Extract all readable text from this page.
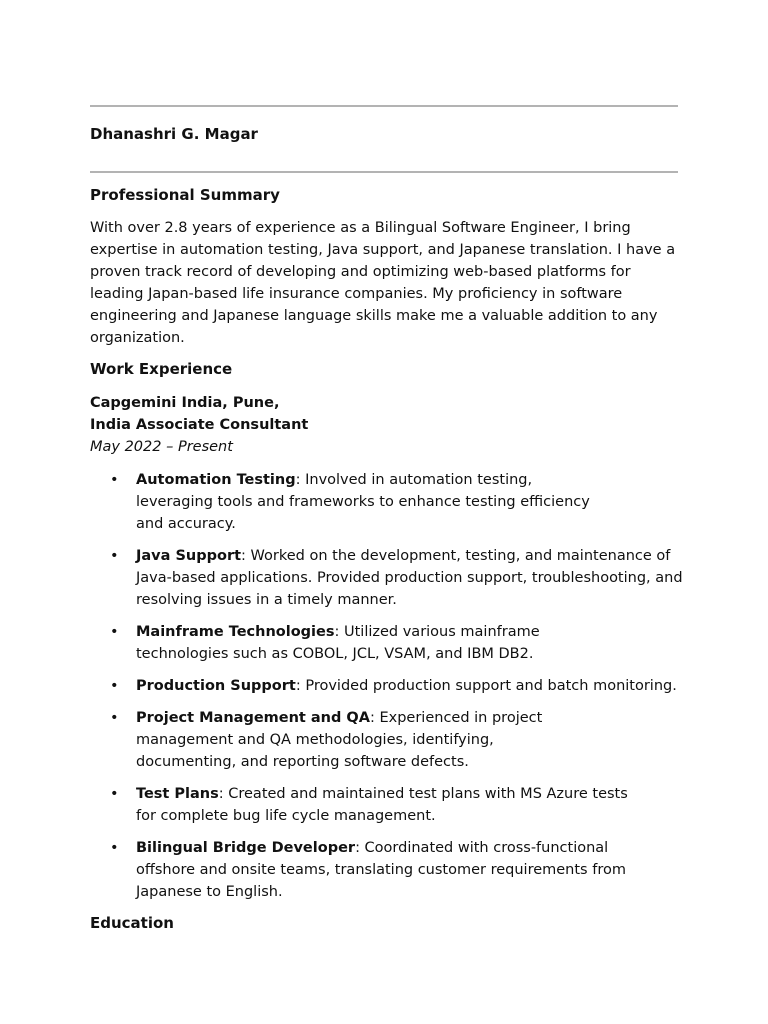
Dhanashri G. Magar

Professional Summary

With over 2.8 years of experience as a Bilingual Software Engineer, I bring expertise in automation testing, Java support, and Japanese translation. I have a proven track record of developing and optimizing web-based platforms for leading Japan-based life insurance companies. My proficiency in software engineering and Japanese language skills make me a valuable addition to any organization.

Work Experience

Capgemini India, Pune, India Associate Consultant

May 2022 – Present

• Automation Testing: Involved in automation testing, leveraging tools and frameworks to enhance testing efficiency and accuracy.
• Java Support: Worked on the development, testing, and maintenance of Java-based applications. Provided production support, troubleshooting, and resolving issues in a timely manner.
• Mainframe Technologies: Utilized various mainframe technologies such as COBOL, JCL, VSAM, and IBM DB2.
• Production Support: Provided production support and batch monitoring.
• Project Management and QA: Experienced in project management and QA methodologies, identifying, documenting, and reporting software defects.
• Test Plans: Created and maintained test plans with MS Azure tests for complete bug life cycle management.
• Bilingual Bridge Developer: Coordinated with cross-functional offshore and onsite teams, translating customer requirements from Japanese to English.
Education
